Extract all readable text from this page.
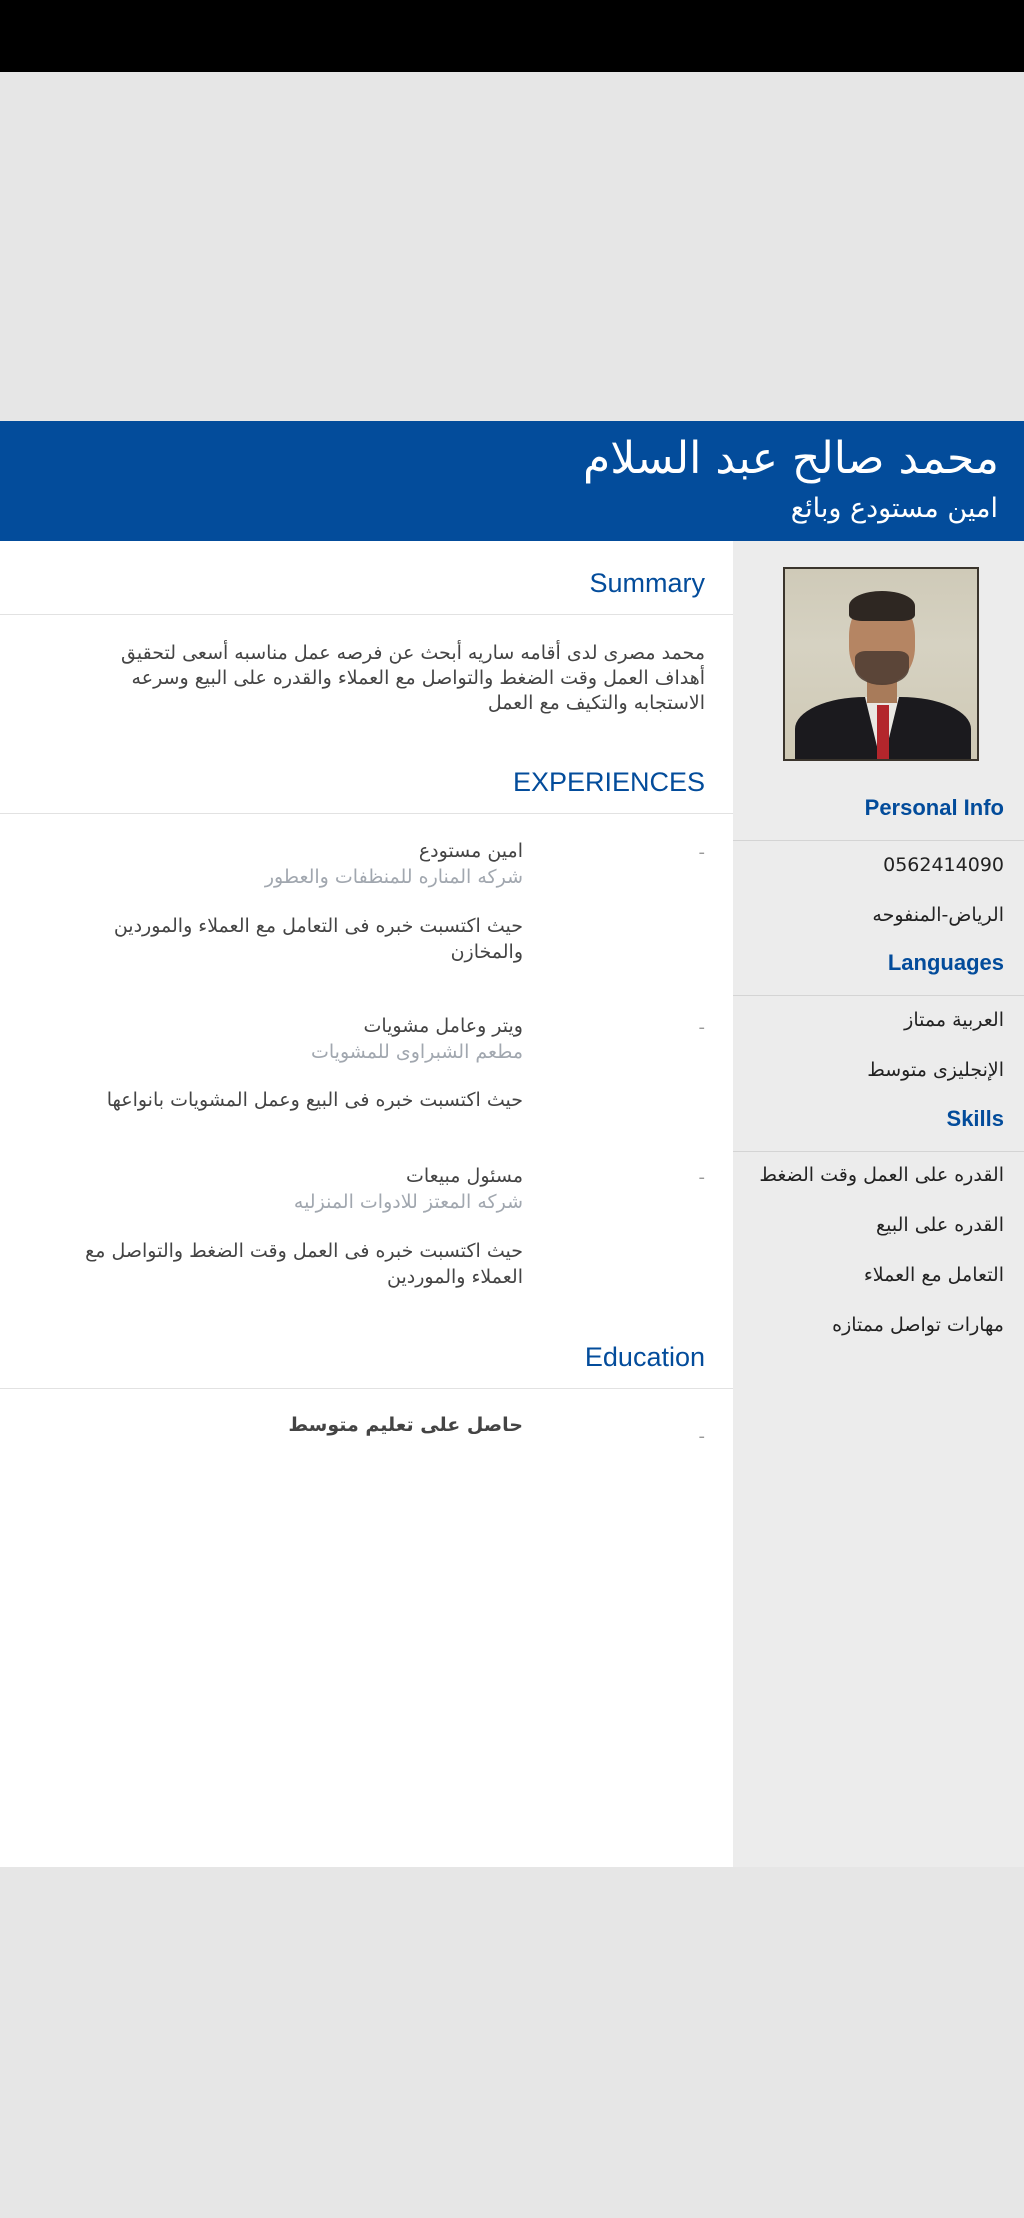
محمد صالح عبد السلام
امين مستودع وبائع
Personal Info
0562414090
الرياض-المنفوحه
Languages
العربية ممتاز
الإنجليزى متوسط
Skills
القدره على العمل وقت الضغط
القدره على البيع
التعامل مع العملاء
مهارات تواصل ممتازه
Summary
محمد مصرى لدى أقامه ساريه أبحث عن فرصه عمل مناسبه أسعى لتحقيق أهداف العمل وقت الضغط والتواصل مع العملاء والقدره على البيع وسرعه الاستجابه والتكيف مع العمل
EXPERIENCES
-
امين مستودع
شركه المناره للمنظفات والعطور
حيث اكتسبت خبره فى التعامل مع العملاء والموردين والمخازن
-
ويتر وعامل مشويات
مطعم الشبراوى للمشويات
حيث اكتسبت خبره فى البيع وعمل المشويات بانواعها
-
مسئول مبيعات
شركه المعتز للادوات المنزليه
حيث اكتسبت خبره فى العمل وقت الضغط والتواصل مع العملاء والموردين
Education
حاصل على تعليم متوسط
-
